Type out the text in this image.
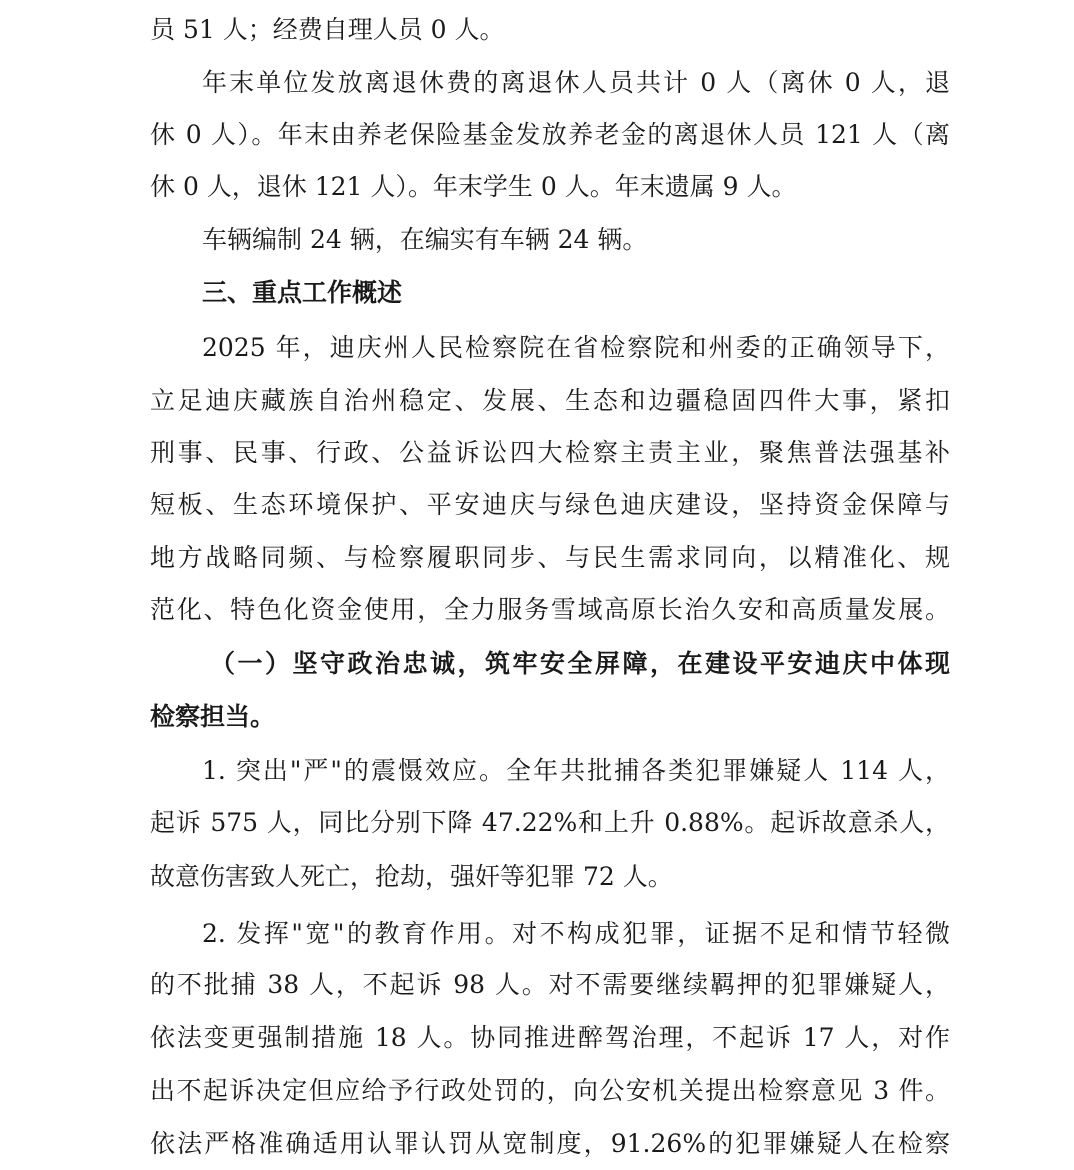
员 51 人；经费自理人员 0 人。
年末单位发放离退休费的离退休人员共计 0 人（离休 0 人，退
休 0 人）。年末由养老保险基金发放养老金的离退休人员 121 人（离
休 0 人，退休 121 人）。年末学生 0 人。年末遗属 9 人。
车辆编制 24 辆，在编实有车辆 24 辆。
三、重点工作概述
2025 年，迪庆州人民检察院在省检察院和州委的正确领导下，
立足迪庆藏族自治州稳定、发展、生态和边疆稳固四件大事，紧扣
刑事、民事、行政、公益诉讼四大检察主责主业，聚焦普法强基补
短板、生态环境保护、平安迪庆与绿色迪庆建设，坚持资金保障与
地方战略同频、与检察履职同步、与民生需求同向，以精准化、规
范化、特色化资金使用，全力服务雪域高原长治久安和高质量发展。
（一）坚守政治忠诚，筑牢安全屏障，在建设平安迪庆中体现
检察担当。
1. 突出"严"的震慑效应。全年共批捕各类犯罪嫌疑人 114 人，
起诉 575 人，同比分别下降 47.22%和上升 0.88%。起诉故意杀人，
故意伤害致人死亡，抢劫，强奸等犯罪 72 人。
2. 发挥"宽"的教育作用。对不构成犯罪，证据不足和情节轻微
的不批捕 38 人，不起诉 98 人。对不需要继续羁押的犯罪嫌疑人，
依法变更强制措施 18 人。协同推进醉驾治理，不起诉 17 人，对作
出不起诉决定但应给予行政处罚的，向公安机关提出检察意见 3 件。
依法严格准确适用认罪认罚从宽制度，91.26%的犯罪嫌疑人在检察
